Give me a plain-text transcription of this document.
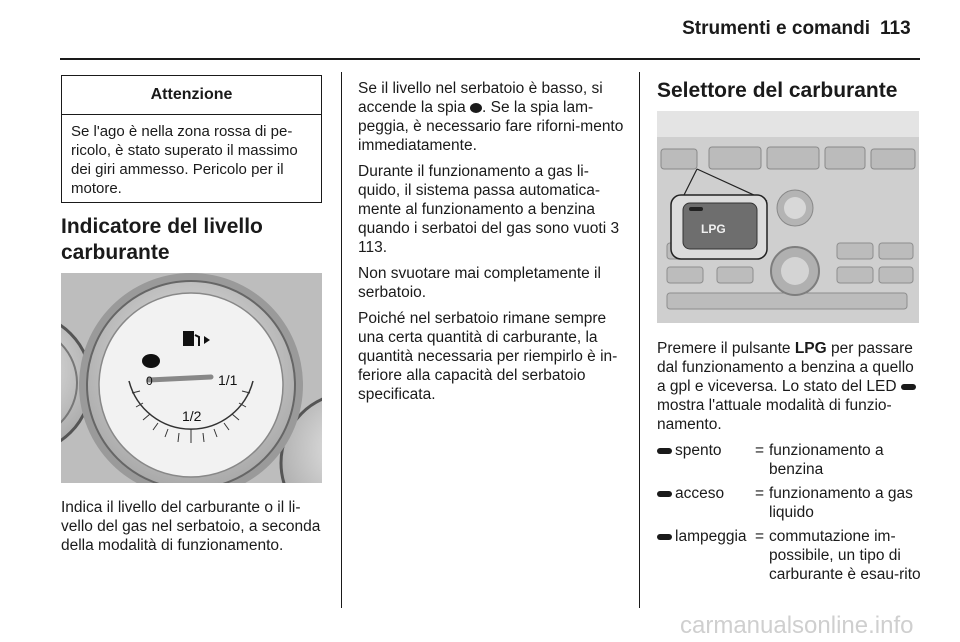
Strumenti e comandi 113
Attenzione
Se l'ago è nella zona rossa di pe-ricolo, è stato superato il massimo dei giri ammesso. Pericolo per il motore.
Indicatore del livello
carburante
0	1/1
1/2

Indica il livello del carburante o il li-vello del gas nel serbatoio, a seconda della modalità di funzionamento.

Se il livello nel serbatoio è basso, si accende la spia . Se la spia lam-peggia, è necessario fare riforni-mento immediatamente.

Durante il funzionamento a gas li-quido, il sistema passa automatica-mente al funzionamento a benzina quando i serbatoi del gas sono vuoti 3 113.

Non svuotare mai completamente il serbatoio.

Poiché nel serbatoio rimane sempre una certa quantità di carburante, la quantità necessaria per riempirlo è in-feriore alla capacità del serbatoio specificata.

Selettore del carburante
LPG

Premere il pulsante LPG per passare dal funzionamento a benzina a quello a gpl e viceversa. Lo stato del LED  mostra l'attuale modalità di funzio-namento.

spento	=	funzionamento a benzina
acceso	=	funzionamento a gas liquido
lampeggia	=	commutazione im-possibile, un tipo di carburante è esau-rito
carmanualsonline.info
